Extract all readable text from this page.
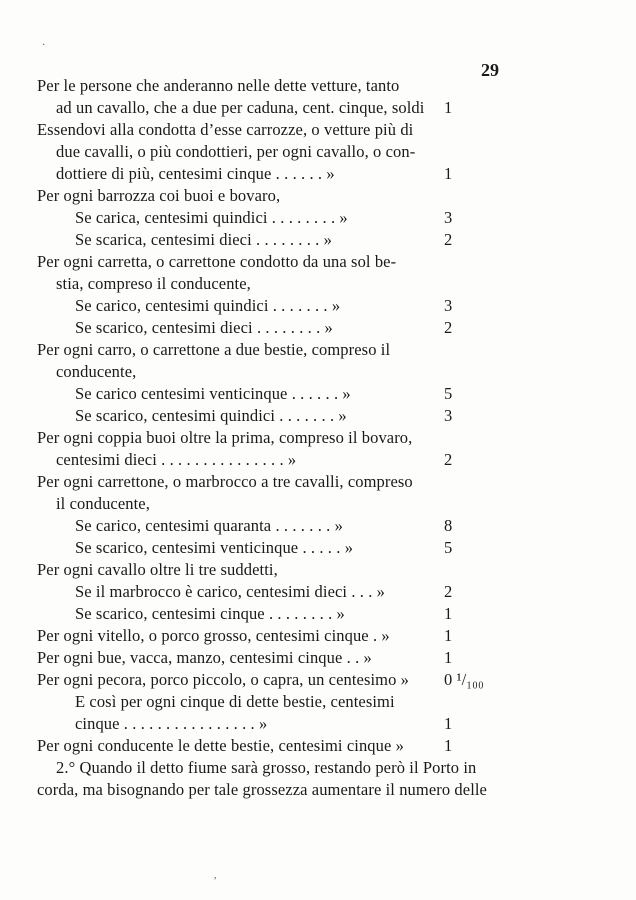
29
Per le persone che anderanno nelle dette vetture, tanto
ad un cavallo, che a due per caduna, cent. cinque, soldi 1
Essendovi alla condotta d’esse carrozze, o vetture più di
due cavalli, o più condottieri, per ogni cavallo, o con-
dottiere di più, centesimi cinque . . . . . . »	1
Per ogni barrozza coi buoi e bovaro,
Se carica, centesimi quindici . . . . . . . . »	3
Se scarica, centesimi dieci . . . . . . . . »	2
Per ogni carretta, o carrettone condotto da una sol be-
stia, compreso il conducente,
Se carico, centesimi quindici . . . . . . . »	3
Se scarico, centesimi dieci . . . . . . . . »	2
Per ogni carro, o carrettone a due bestie, compreso il
conducente,
Se carico centesimi venticinque . . . . . . »	5
Se scarico, centesimi quindici . . . . . . . »	3
Per ogni coppia buoi oltre la prima, compreso il bovaro,
centesimi dieci . . . . . . . . . . . . . . . »	2
Per ogni carrettone, o marbrocco a tre cavalli, compreso
il conducente,
Se carico, centesimi quaranta . . . . . . . »	8
Se scarico, centesimi venticinque . . . . . »	5
Per ogni cavallo oltre li tre suddetti,
Se il marbrocco è carico, centesimi dieci . . . »	2
Se scarico, centesimi cinque . . . . . . . . »	1
Per ogni vitello, o porco grosso, centesimi cinque . »	1
Per ogni bue, vacca, manzo, centesimi cinque . . »	1
Per ogni pecora, porco piccolo, o capra, un centesimo » 0 ¹/₁₀₀
E così per ogni cinque di dette bestie, centesimi
cinque . . . . . . . . . . . . . . . . »	1
Per ogni conducente le dette bestie, centesimi cinque » 1
2.° Quando il detto fiume sarà grosso, restando però il Porto in
corda, ma bisognando per tale grossezza aumentare il numero delle
·
,
